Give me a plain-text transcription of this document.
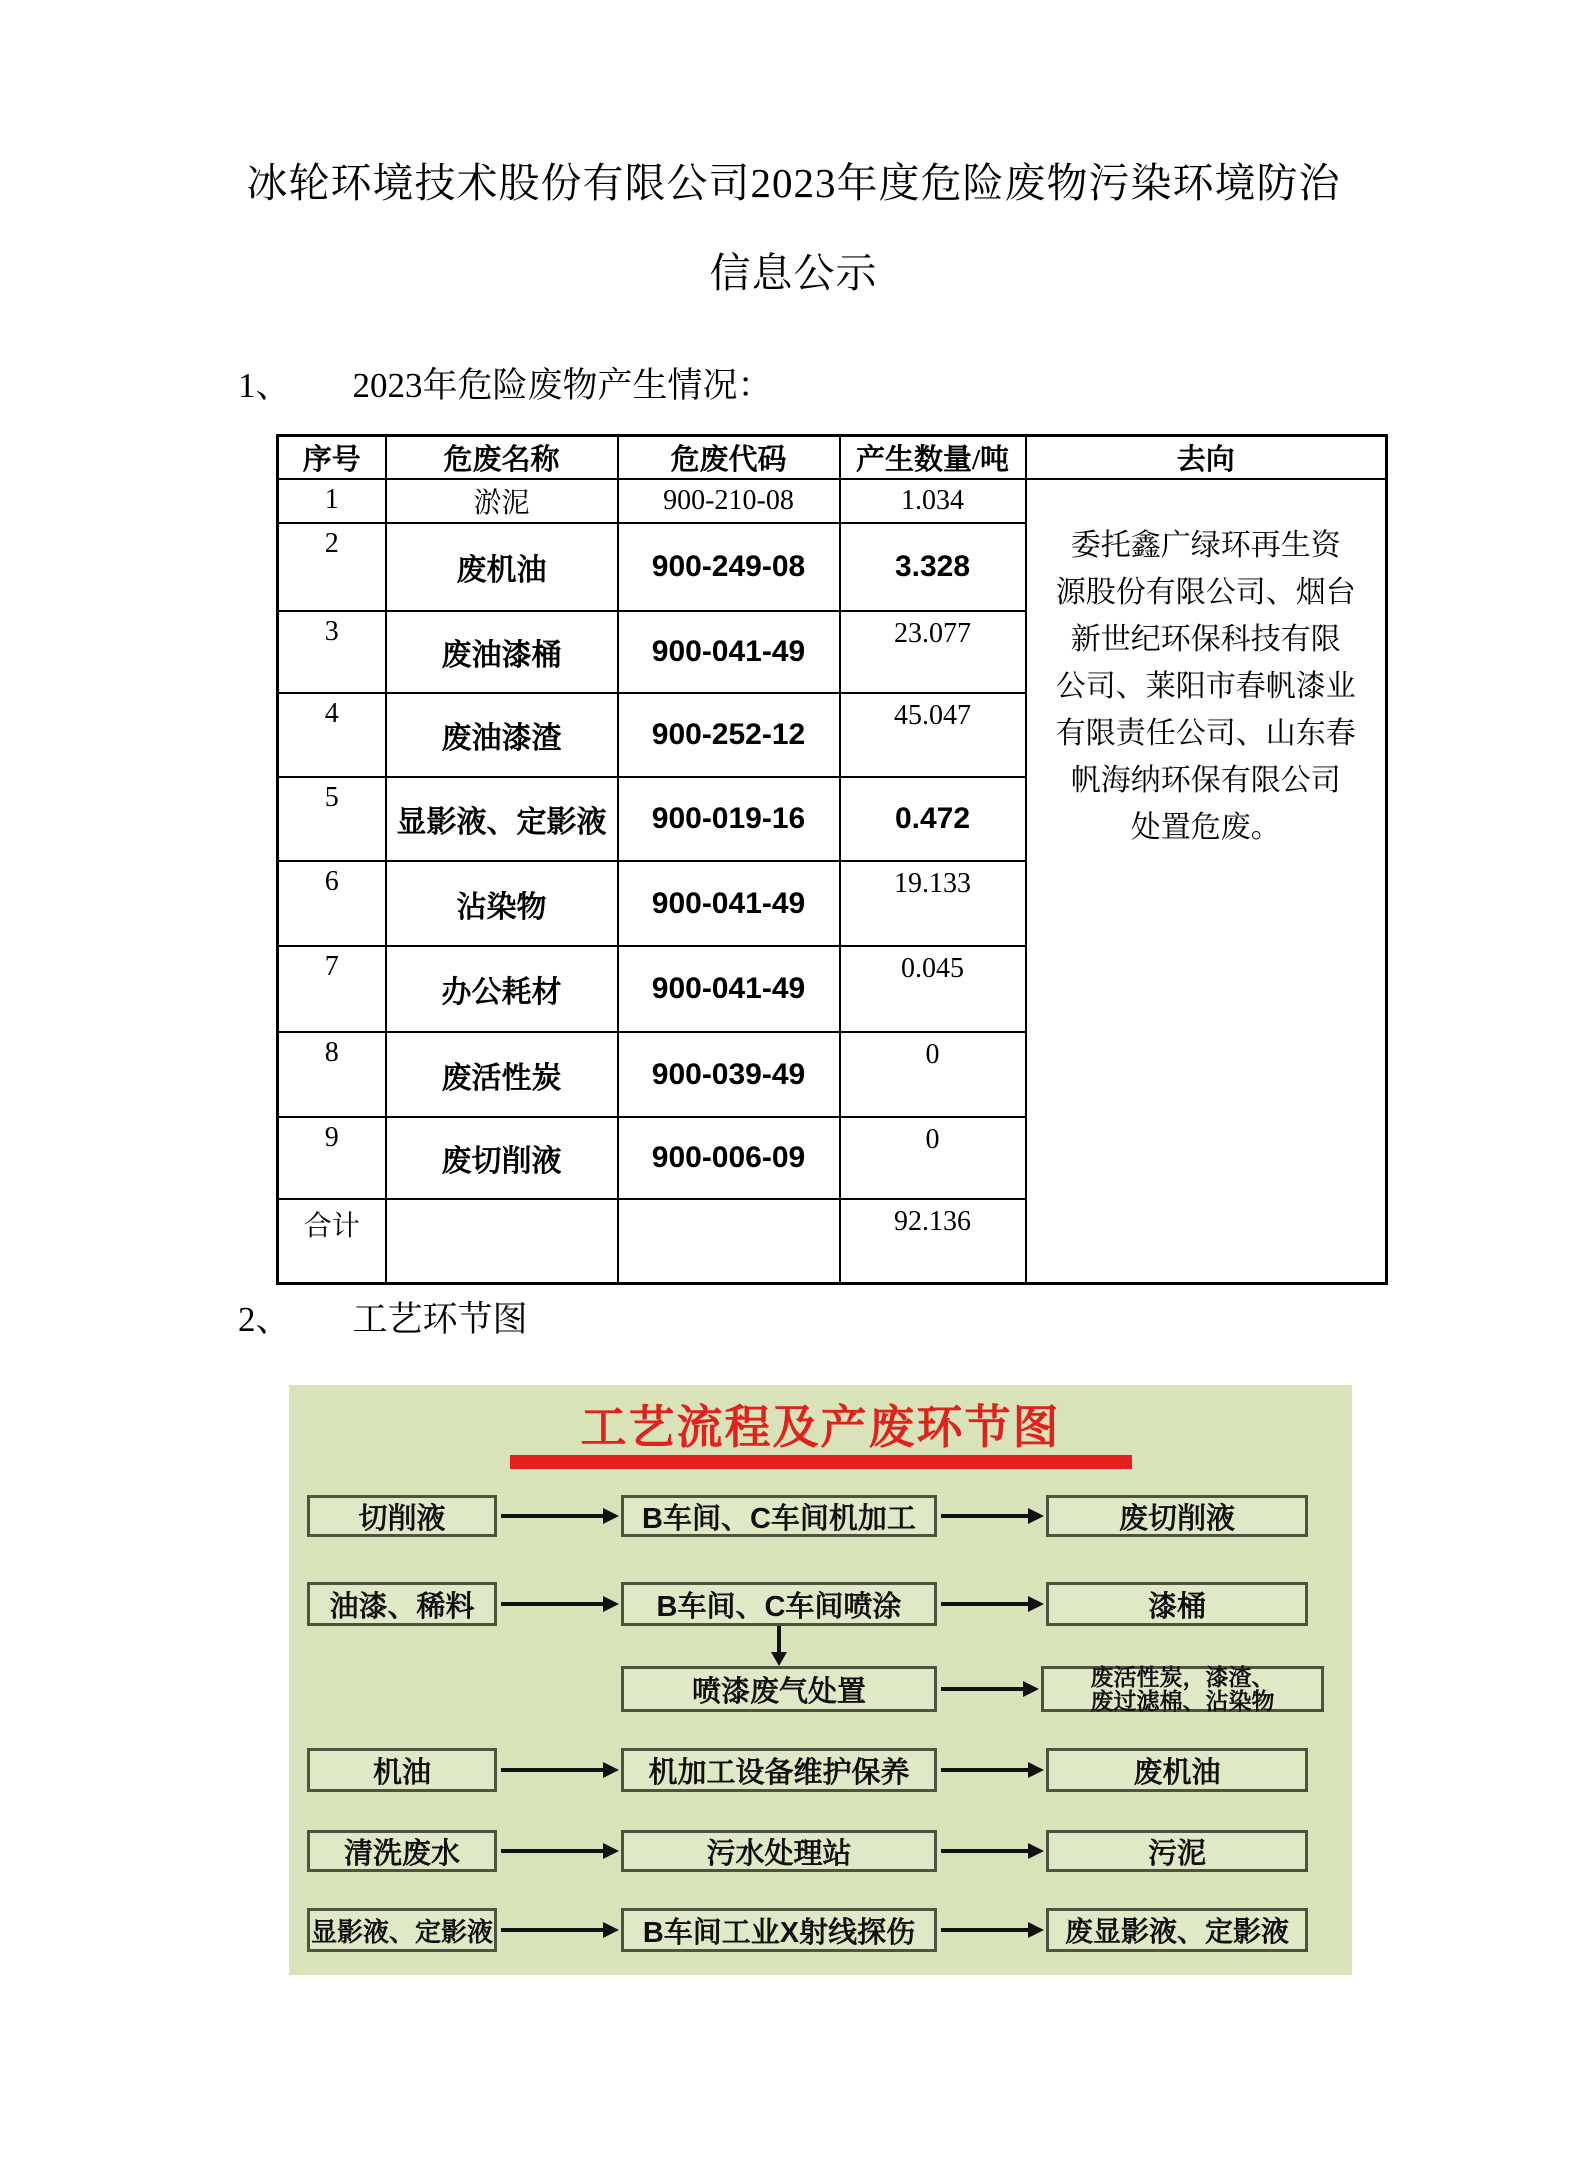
冰轮环境技术股份有限公司2023年度危险废物污染环境防治
信息公示
1、 2023年危险废物产生情况：
序号	危废名称	危废代码	产生数量/吨	去向
1	淤泥	900-210-08	1.034	
委托鑫广绿环再生资
源股份有限公司、烟台
新世纪环保科技有限
公司、莱阳市春帆漆业
有限责任公司、山东春
帆海纳环保有限公司
处置危废。

2	废机油	900-249-08	3.328	
3	废油漆桶	900-041-49	23.077	
4	废油漆渣	900-252-12	45.047	
5	显影液、定影液	900-019-16	0.472	
6	沾染物	900-041-49	19.133	
7	办公耗材	900-041-49	0.045	
8	废活性炭	900-039-49	0	
9	废切削液	900-006-09	0	
合计			92.136	
2、 工艺环节图
工艺流程及产废环节图
切削液	B车间、C车间机加工	废切削液
油漆、稀料	B车间、C车间喷涂	漆桶
喷漆废气处置	废活性炭，漆渣、
废过滤棉、沾染物
机油	机加工设备维护保养	废机油
清洗废水	污水处理站	污泥
显影液、定影液	B车间工业X射线探伤	废显影液、定影液
